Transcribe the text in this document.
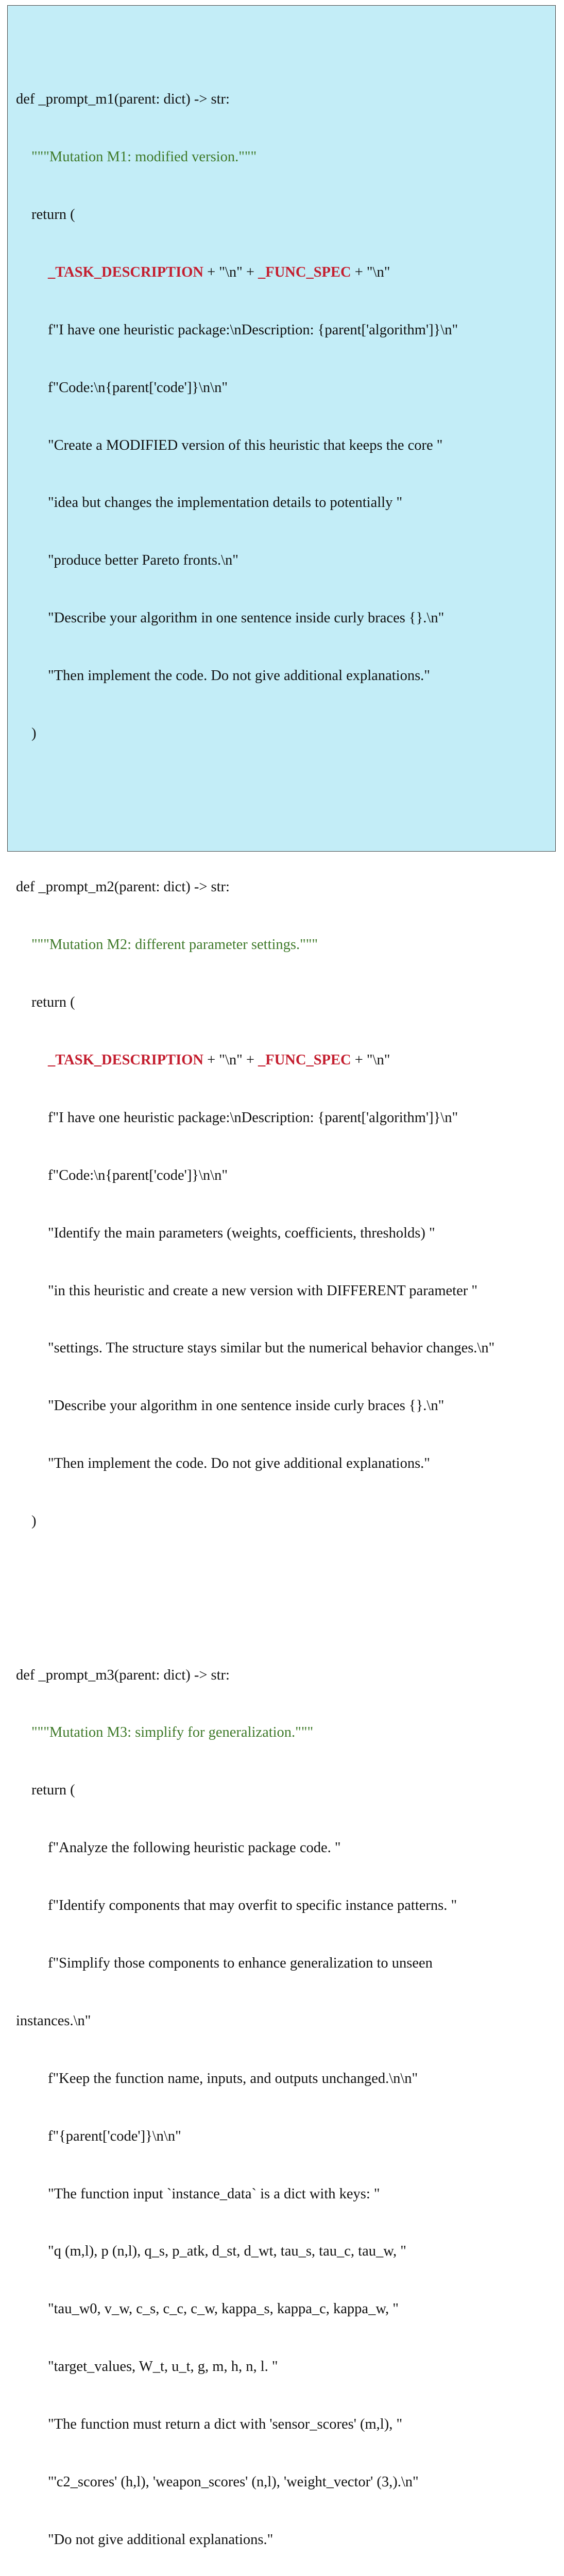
def _prompt_m1(parent: dict) -> str:

"""Mutation M1: modified version."""

return (

_TASK_DESCRIPTION + "\n" + _FUNC_SPEC + "\n"

f"I have one heuristic package:\nDescription: {parent['algorithm']}\n"

f"Code:\n{parent['code']}\n\n"

"Create a MODIFIED version of this heuristic that keeps the core "

"idea but changes the implementation details to potentially "

"produce better Pareto fronts.\n"

"Describe your algorithm in one sentence inside curly braces {}.\n"

"Then implement the code. Do not give additional explanations."

)

def _prompt_m2(parent: dict) -> str:

"""Mutation M2: different parameter settings."""

return (

_TASK_DESCRIPTION + "\n" + _FUNC_SPEC + "\n"

f"I have one heuristic package:\nDescription: {parent['algorithm']}\n"

f"Code:\n{parent['code']}\n\n"

"Identify the main parameters (weights, coefficients, thresholds) "

"in this heuristic and create a new version with DIFFERENT parameter "

"settings. The structure stays similar but the numerical behavior changes.\n"

"Describe your algorithm in one sentence inside curly braces {}.\n"

"Then implement the code. Do not give additional explanations."

)

def _prompt_m3(parent: dict) -> str:

"""Mutation M3: simplify for generalization."""

return (

f"Analyze the following heuristic package code. "

f"Identify components that may overfit to specific instance patterns. "

f"Simplify those components to enhance generalization to unseen

instances.\n"

f"Keep the function name, inputs, and outputs unchanged.\n\n"

f"{parent['code']}\n\n"

"The function input `instance_data` is a dict with keys: "

"q (m,l), p (n,l), q_s, p_atk, d_st, d_wt, tau_s, tau_c, tau_w, "

"tau_w0, v_w, c_s, c_c, c_w, kappa_s, kappa_c, kappa_w, "

"target_values, W_t, u_t, g, m, h, n, l. "

"The function must return a dict with 'sensor_scores' (m,l), "

"'c2_scores' (h,l), 'weapon_scores' (n,l), 'weight_vector' (3,).\n"

"Do not give additional explanations."
